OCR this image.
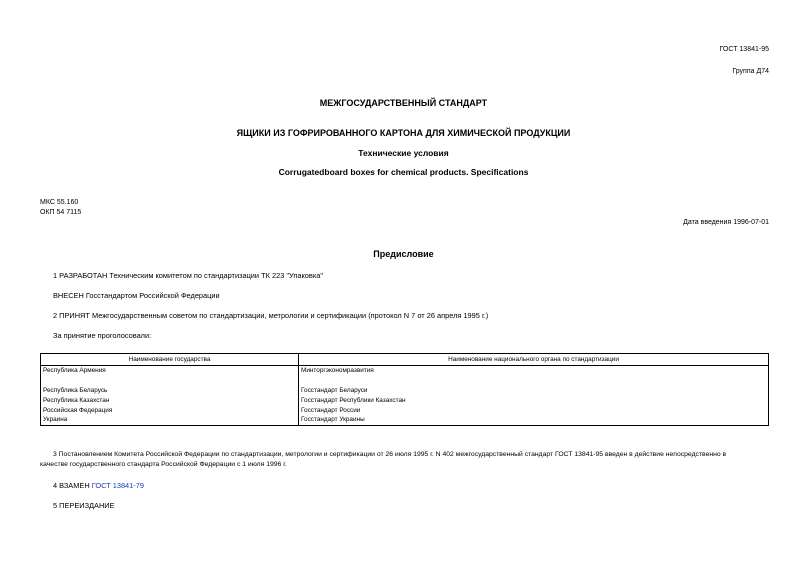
ГОСТ 13841-95
Группа Д74
МЕЖГОСУДАРСТВЕННЫЙ СТАНДАРТ
ЯЩИКИ ИЗ ГОФРИРОВАННОГО КАРТОНА ДЛЯ ХИМИЧЕСКОЙ ПРОДУКЦИИ
Технические условия
Corrugatedboard boxes for chemical products. Specifications
МКС 55.160
ОКП 54 7115
Дата введения 1996-07-01
Предисловие
1 РАЗРАБОТАН Техническим комитетом по стандартизации ТК 223 "Упаковка"
ВНЕСЕН Госстандартом Российской Федерации
2 ПРИНЯТ Межгосударственным советом по стандартизации, метрологии и сертификации (протокол N 7 от 26 апреля 1995 г.)
За принятие проголосовали:
Наименование государства	Наименование национального органа по стандартизации
Республика Армения	Минторгэкономразвития

Республика Беларусь	Госстандарт Беларуси
Республика Казахстан	Госстандарт Республики Казахстан
Российская Федерация	Госстандарт России
Украина	Госстандарт Украины
3 Постановлением Комитета Российской Федерации по стандартизации, метрологии и сертификации от 26 июля 1995 г. N 402 межгосударственный стандарт ГОСТ 13841-95 введен в действие непосредственно в
качестве государственного стандарта Российской Федерации с 1 июля 1996 г.
4 ВЗАМЕН ГОСТ 13841-79
5 ПЕРЕИЗДАНИЕ
